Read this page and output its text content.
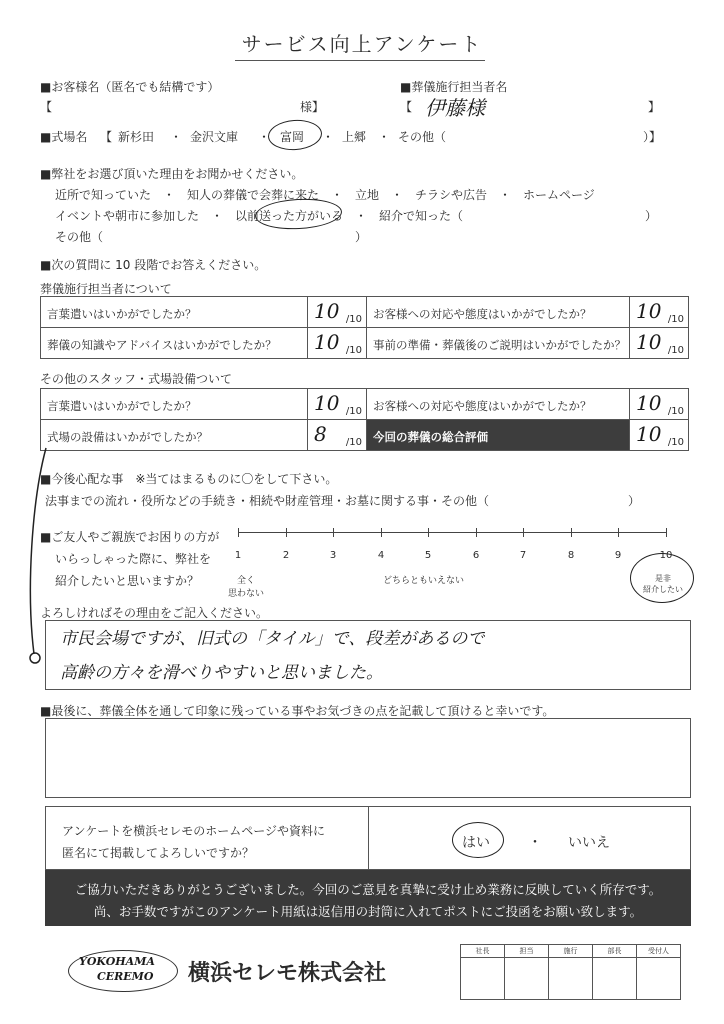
サービス向上アンケート
■お客様名（匿名でも結構です）
【	様】
■葬儀施行担当者名
【 伊藤様	】
■式場名 【 新杉田 ・ 金沢文庫 ・ 富岡 ・ 上郷 ・ その他（	）】
■弊社をお選び頂いた理由をお聞かせください。
近所で知っていた　・　知人の葬儀で会葬に来た　・　立地　・　チラシや広告　・　ホームページ
イベントや朝市に参加した　・　以前送った方がいる　・　紹介で知った（	）
その他（	）
■次の質問に 10 段階でお答えください。
葬儀施行担当者について
言葉遣いはいかがでしたか？	10 /10 お客様への対応や態度はいかがでしたか？	10 /10
葬儀の知識やアドバイスはいかがでしたか？	10 /10 事前の準備・葬儀後のご説明はいかがでしたか？ 10 /10
その他のスタッフ・式場設備ついて
言葉遣いはいかがでしたか？	10 /10 お客様への対応や態度はいかがでしたか？	10 /10
式場の設備はいかがでしたか？	8 /10 今回の葬儀の総合評価	10 /10
■今後心配な事　※当てはまるものに〇をして下さい。
法事までの流れ・役所などの手続き・相続や財産管理・お墓に関する事・その他（	）
■ご友人やご親族でお困りの方が
いらっしゃった際に、弊社を
紹介したいと思いますか？
1	2	3	4	5	6	7	8	9	10
全く
思わない
どちらともいえない	是非
紹介したい
よろしければその理由をご記入ください。
市民会場ですが、旧式の「タイル」で、段差があるので
高齢の方々を滑べりやすいと思いました。
■最後に、葬儀全体を通して印象に残っている事やお気づきの点を記載して頂けると幸いです。
アンケートを横浜セレモのホームページや資料に
匿名にて掲載してよろしいですか？
はい	・ いいえ
ご協力いただきありがとうございました。今回のご意見を真摯に受け止め業務に反映していく所存です。
尚、お手数ですがこのアンケート用紙は返信用の封筒に入れてポストにご投函をお願い致します。
YOKOHAMA
CEREMO 横浜セレモ株式会社
社長	担当	施行	部長	受付人
